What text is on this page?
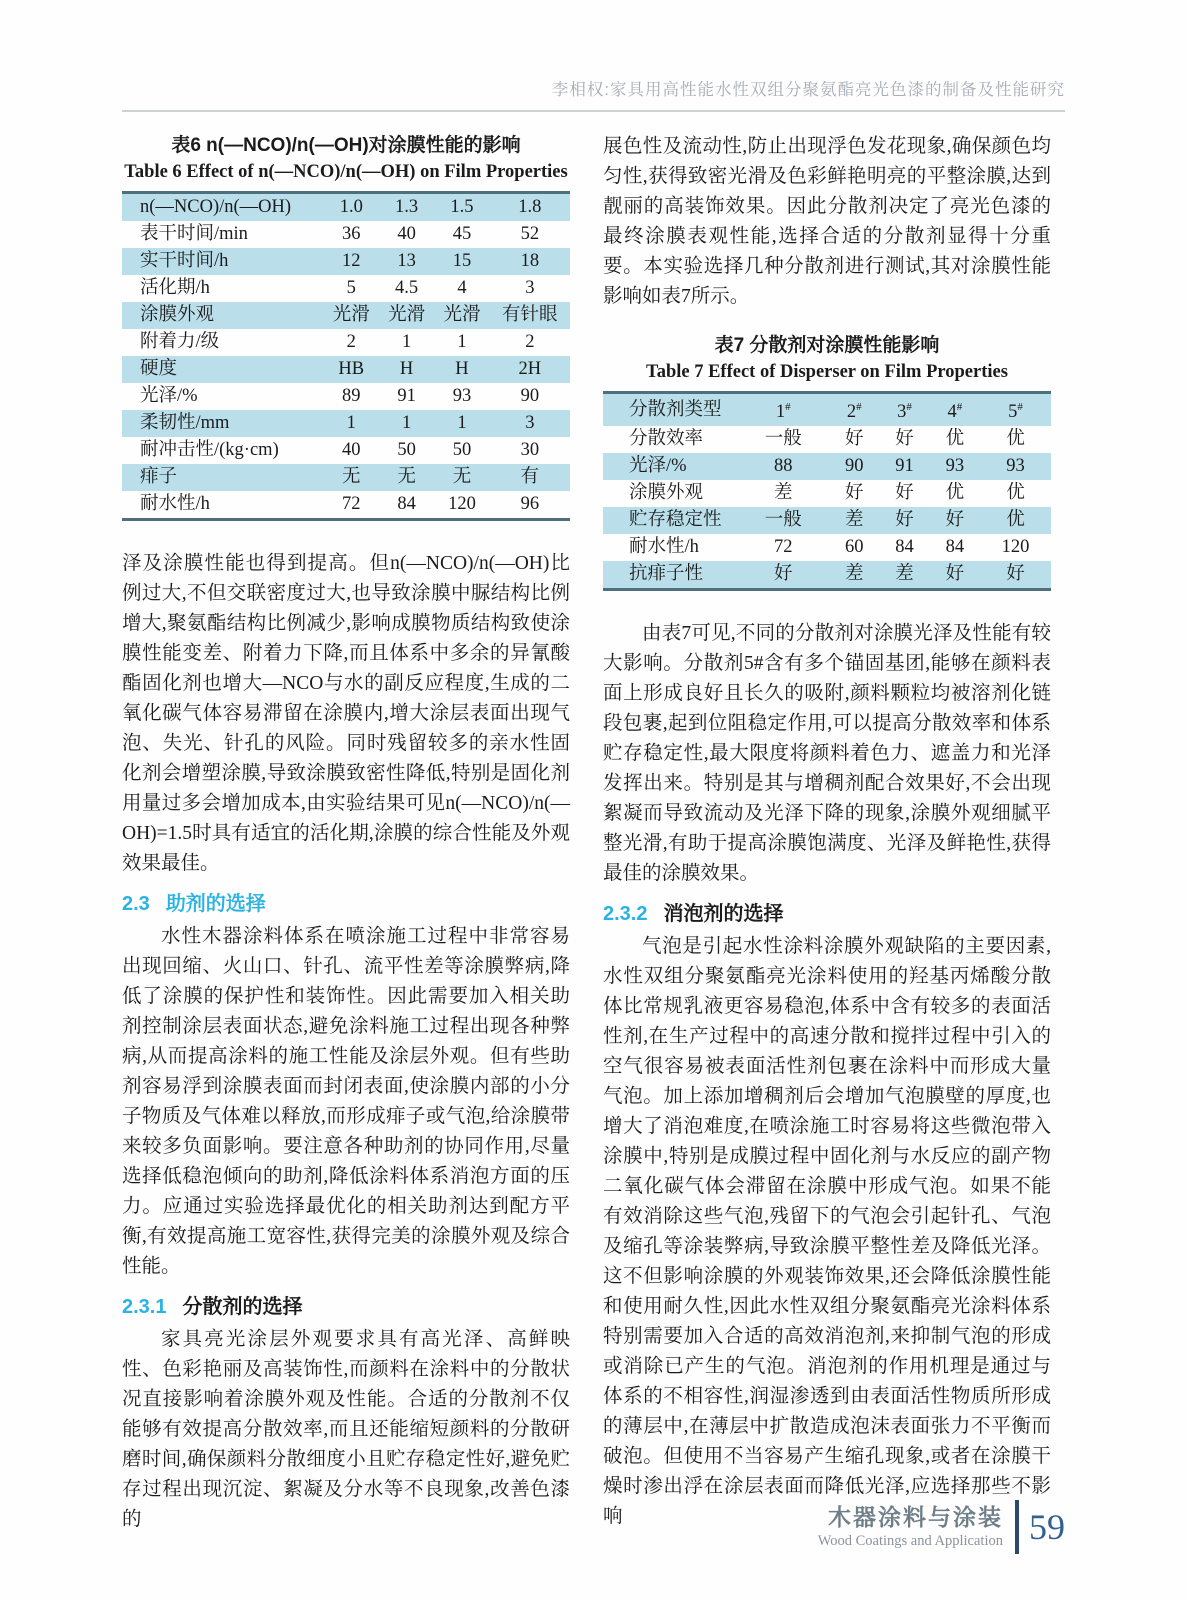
李相权:家具用高性能水性双组分聚氨酯亮光色漆的制备及性能研究
表6 n(—NCO)/n(—OH)对涂膜性能的影响
Table 6 Effect of n(—NCO)/n(—OH) on Film Properties
n(—NCO)/n(—OH)	1.0	1.3	1.5	1.8
表干时间/min	36	40	45	52
实干时间/h	12	13	15	18
活化期/h	5	4.5	4	3
涂膜外观	光滑	光滑	光滑	有针眼
附着力/级	2	1	1	2
硬度	HB	H	H	2H
光泽/%	89	91	93	90
柔韧性/mm	1	1	1	3
耐冲击性/(kg·cm)	40	50	50	30
痱子	无	无	无	有
耐水性/h	72	84	120	96

泽及涂膜性能也得到提高。但n(—NCO)/n(—OH)比例过大,不但交联密度过大,也导致涂膜中脲结构比例增大,聚氨酯结构比例减少,影响成膜物质结构致使涂膜性能变差、附着力下降,而且体系中多余的异氰酸酯固化剂也增大—NCO与水的副反应程度,生成的二氧化碳气体容易滞留在涂膜内,增大涂层表面出现气泡、失光、针孔的风险。同时残留较多的亲水性固化剂会增塑涂膜,导致涂膜致密性降低,特别是固化剂用量过多会增加成本,由实验结果可见n(—NCO)/n(—OH)=1.5时具有适宜的活化期,涂膜的综合性能及外观效果最佳。

2.3 助剂的选择

水性木器涂料体系在喷涂施工过程中非常容易出现回缩、火山口、针孔、流平性差等涂膜弊病,降低了涂膜的保护性和装饰性。因此需要加入相关助剂控制涂层表面状态,避免涂料施工过程出现各种弊病,从而提高涂料的施工性能及涂层外观。但有些助剂容易浮到涂膜表面而封闭表面,使涂膜内部的小分子物质及气体难以释放,而形成痱子或气泡,给涂膜带来较多负面影响。要注意各种助剂的协同作用,尽量选择低稳泡倾向的助剂,降低涂料体系消泡方面的压力。应通过实验选择最优化的相关助剂达到配方平衡,有效提高施工宽容性,获得完美的涂膜外观及综合性能。

2.3.1 分散剂的选择

家具亮光涂层外观要求具有高光泽、高鲜映性、色彩艳丽及高装饰性,而颜料在涂料中的分散状况直接影响着涂膜外观及性能。合适的分散剂不仅能够有效提高分散效率,而且还能缩短颜料的分散研磨时间,确保颜料分散细度小且贮存稳定性好,避免贮存过程出现沉淀、絮凝及分水等不良现象,改善色漆的

展色性及流动性,防止出现浮色发花现象,确保颜色均匀性,获得致密光滑及色彩鲜艳明亮的平整涂膜,达到靓丽的高装饰效果。因此分散剂决定了亮光色漆的最终涂膜表观性能,选择合适的分散剂显得十分重要。本实验选择几种分散剂进行测试,其对涂膜性能影响如表7所示。

表7 分散剂对涂膜性能影响
Table 7 Effect of Disperser on Film Properties
分散剂类型	1#	2#	3#	4#	5#
分散效率	一般	好	好	优	优
光泽/%	88	90	91	93	93
涂膜外观	差	好	好	优	优
贮存稳定性	一般	差	好	好	优
耐水性/h	72	60	84	84	120
抗痱子性	好	差	差	好	好

由表7可见,不同的分散剂对涂膜光泽及性能有较大影响。分散剂5#含有多个锚固基团,能够在颜料表面上形成良好且长久的吸附,颜料颗粒均被溶剂化链段包裹,起到位阻稳定作用,可以提高分散效率和体系贮存稳定性,最大限度将颜料着色力、遮盖力和光泽发挥出来。特别是其与增稠剂配合效果好,不会出现絮凝而导致流动及光泽下降的现象,涂膜外观细腻平整光滑,有助于提高涂膜饱满度、光泽及鲜艳性,获得最佳的涂膜效果。

2.3.2 消泡剂的选择

气泡是引起水性涂料涂膜外观缺陷的主要因素,水性双组分聚氨酯亮光涂料使用的羟基丙烯酸分散体比常规乳液更容易稳泡,体系中含有较多的表面活性剂,在生产过程中的高速分散和搅拌过程中引入的空气很容易被表面活性剂包裹在涂料中而形成大量气泡。加上添加增稠剂后会增加气泡膜壁的厚度,也增大了消泡难度,在喷涂施工时容易将这些微泡带入涂膜中,特别是成膜过程中固化剂与水反应的副产物二氧化碳气体会滞留在涂膜中形成气泡。如果不能有效消除这些气泡,残留下的气泡会引起针孔、气泡及缩孔等涂装弊病,导致涂膜平整性差及降低光泽。这不但影响涂膜的外观装饰效果,还会降低涂膜性能和使用耐久性,因此水性双组分聚氨酯亮光涂料体系特别需要加入合适的高效消泡剂,来抑制气泡的形成或消除已产生的气泡。消泡剂的作用机理是通过与体系的不相容性,润湿渗透到由表面活性物质所形成的薄层中,在薄层中扩散造成泡沫表面张力不平衡而破泡。但使用不当容易产生缩孔现象,或者在涂膜干燥时渗出浮在涂层表面而降低光泽,应选择那些不影响	木器涂料与涂装
Wood Coatings and Application 59
